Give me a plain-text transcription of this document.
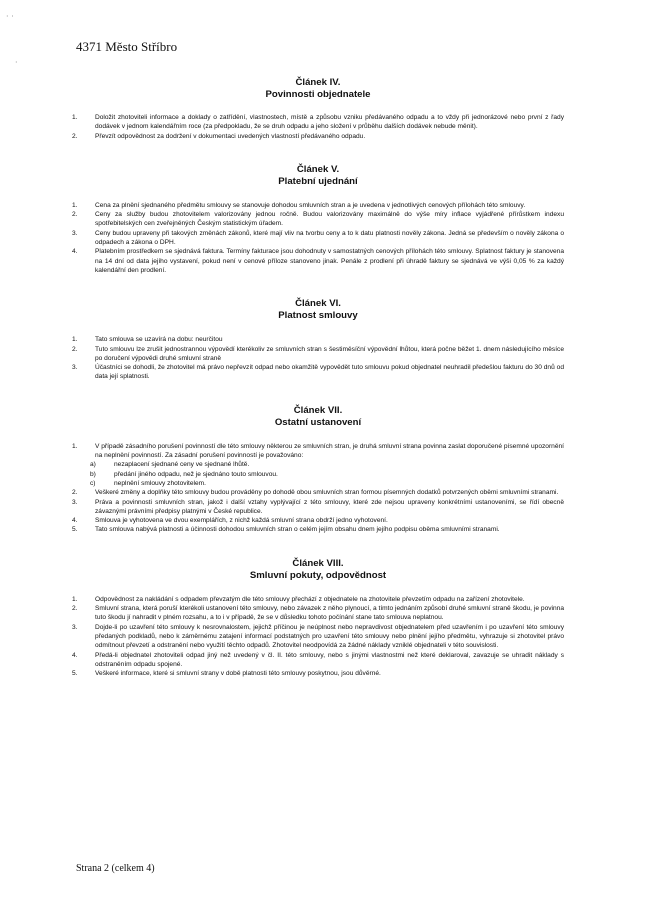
· ·
·
4371 Město Stříbro
Článek IV.
Povinnosti objednatele
1.	Doložit zhotoviteli informace a doklady o zatřídění, vlastnostech, místě a způsobu vzniku předávaného odpadu a to vždy při jednorázové nebo první z řady dodávek v jednom kalendářním roce (za předpokladu, že se druh odpadu a jeho složení v průběhu dalších dodávek nebude měnit).
2.	Převzít odpovědnost za dodržení v dokumentaci uvedených vlastností předávaného odpadu.
Článek V.
Platební ujednání
1.	Cena za plnění sjednaného předmětu smlouvy se stanovuje dohodou smluvních stran a je uvedena v jednotlivých cenových přílohách této smlouvy.
2.	Ceny za služby budou zhotovitelem valorizovány jednou ročně. Budou valorizovány maximálně do výše míry inflace vyjádřené přírůstkem indexu spotřebitelských cen zveřejněných Českým statistickým úřadem.
3.	Ceny budou upraveny při takových změnách zákonů, které mají vliv na tvorbu ceny a to k datu platnosti nověly zákona. Jedná se především o nověly zákona o odpadech a zákona o DPH.
4.	Platebním prostředkem se sjednává faktura. Termíny fakturace jsou dohodnuty v samostatných cenových přílohách této smlouvy. Splatnost faktury je stanovena na 14 dní od data jejího vystavení, pokud není v cenové příloze stanoveno jinak. Penále z prodlení při úhradě faktury se sjednává ve výši 0,05 % za každý kalendářní den prodlení.
Článek VI.
Platnost smlouvy
1.	Tato smlouva se uzavírá na dobu: neurčitou
2.	Tuto smlouvu lze zrušit jednostrannou výpovědí kterékoliv ze smluvních stran s šestiměsíční výpovědní lhůtou, která počne běžet 1. dnem následujícího měsíce po doručení výpovědi druhé smluvní straně
3.	Účastníci se dohodli, že zhotovitel má právo nepřevzít odpad nebo okamžitě vypovědět tuto smlouvu pokud objednatel neuhradil předešlou fakturu do 30 dnů od data její splatnosti.
Článek VII.
Ostatní ustanovení
1.	V případě zásadního porušení povinností dle této smlouvy některou ze smluvních stran, je druhá smluvní strana povinna zaslat doporučené písemné upozornění na neplnění povinností. Za zásadní porušení povinností je považováno:
a)	nezaplacení sjednané ceny ve sjednané lhůtě.
b)	předání jiného odpadu, než je sjednáno touto smlouvou.
c)	neplnění smlouvy zhotovitelem.
2.	Veškeré změny a doplňky této smlouvy budou prováděny po dohodě obou smluvních stran formou písemných dodatků potvrzených oběmi smluvními stranami.
3.	Práva a povinnosti smluvních stran, jakož i další vztahy vyplývající z této smlouvy, které zde nejsou upraveny konkrétními ustanoveními, se řídí obecně závaznými právními předpisy platnými v České republice.
4.	Smlouva je vyhotovena ve dvou exemplářích, z nichž každá smluvní strana obdrží jedno vyhotovení.
5.	Tato smlouva nabývá platnosti a účinnosti dohodou smluvních stran o celém jejím obsahu dnem jejího podpisu oběma smluvními stranami.
Článek VIII.
Smluvní pokuty, odpovědnost
1.	Odpovědnost za nakládání s odpadem převzatým dle této smlouvy přechází z objednatele na zhotovitele převzetím odpadu na zařízení zhotovitele.
2.	Smluvní strana, která poruší kterékoli ustanovení této smlouvy, nebo závazek z něho plynoucí, a tímto jednáním způsobí druhé smluvní straně škodu, je povinna tuto škodu jí nahradit v plném rozsahu, a to i v případě, že se v důsledku tohoto počínání stane tato smlouva neplatnou.
3.	Dojde-li po uzavření této smlouvy k nesrovnalostem, jejichž příčinou je neúplnost nebo nepravdivost objednatelem před uzavřením i po uzavření této smlouvy předaných podkladů, nebo k záměrnému zatajení informací podstatných pro uzavření této smlouvy nebo plnění jejího předmětu, vyhrazuje si zhotovitel právo odmítnout převzetí a odstranění nebo využití těchto odpadů. Zhotovitel neodpovídá za žádné náklady vzniklé objednateli v této souvislosti.
4.	Předá-li objednatel zhotoviteli odpad jiný než uvedený v čl. II. této smlouvy, nebo s jinými vlastnostmi než které deklaroval, zavazuje se uhradit náklady s odstraněním odpadu spojené.
5.	Veškeré informace, které si smluvní strany v době platnosti této smlouvy poskytnou, jsou důvěrné.
Strana 2 (celkem 4)
